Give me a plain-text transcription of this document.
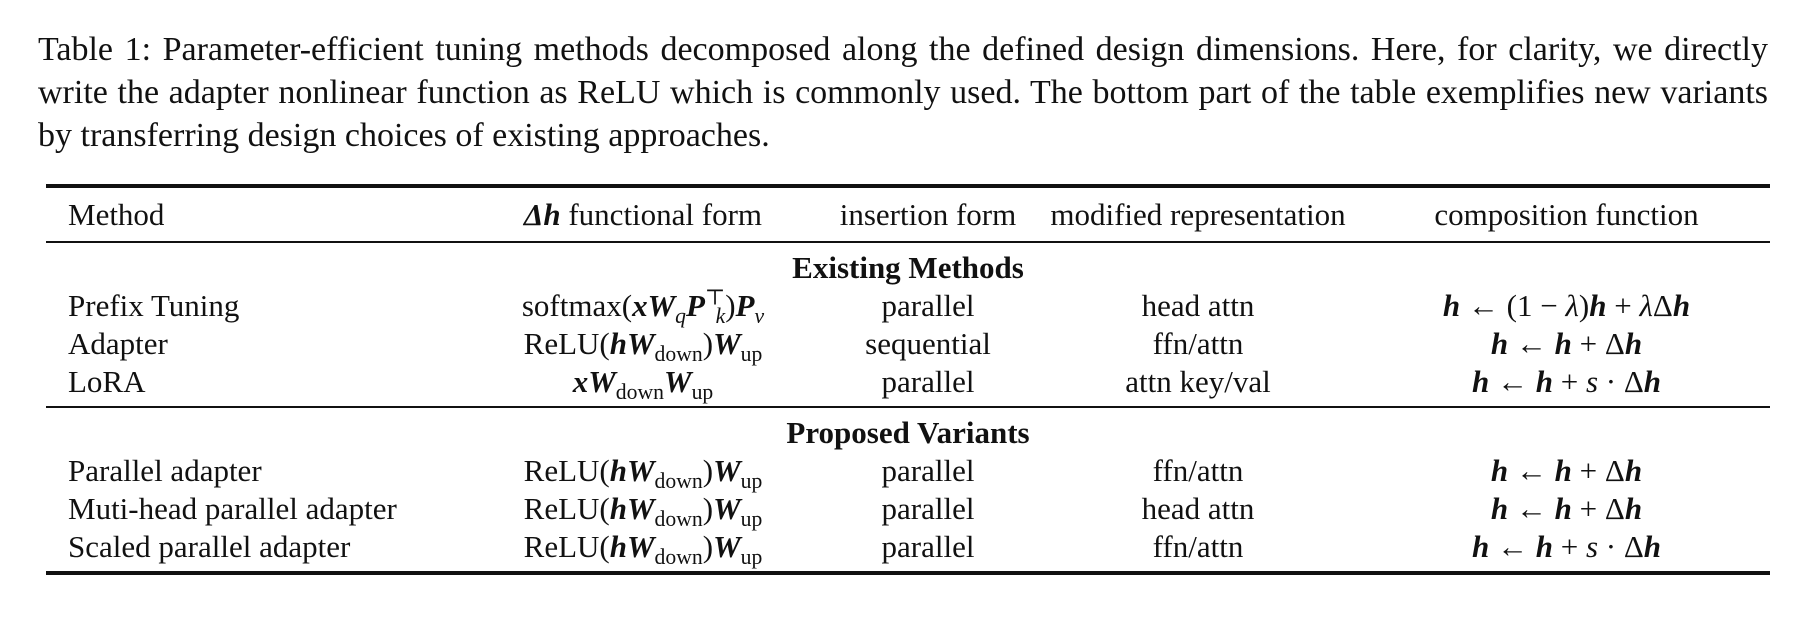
Table 1: Parameter-efficient tuning methods decomposed along the defined design dimensions. Here, for clarity, we directly write the adapter nonlinear function as ReLU which is commonly used. The bottom part of the table exemplifies new variants by transferring design choices of existing approaches.
Method	Δh functional form	insertion form	modified representation	composition function
Existing Methods				
Prefix Tuning	$softmax(xW_qP^⊤_k)P_v$	parallel	head attn	h ← (1 − λ)h + λΔh
Adapter	$ReLU(hW_{down})W_{up}$	sequential	ffn/attn	h ← h + Δh
LoRA	$xW_{down}W_{up}$	parallel	attn key/val	h ← h + s · Δh
Proposed Variants				
Parallel adapter	$ReLU(hW_{down})W_{up}$	parallel	ffn/attn	h ← h + Δh
Muti-head parallel adapter	$ReLU(hW_{down})W_{up}$	parallel	head attn	h ← h + Δh
Scaled parallel adapter	$ReLU(hW_{down})W_{up}$	parallel	ffn/attn	h ← h + s · Δh
